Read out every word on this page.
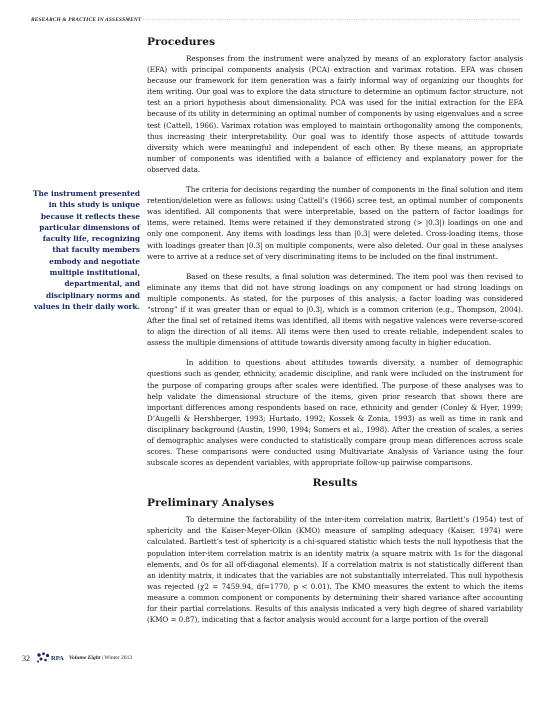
RESEARCH & PRACTICE IN ASSESSMENT ·······································································································································································
Procedures

Responses from the instrument were analyzed by means of an exploratory factor analysis (EFA) with principal components analysis (PCA) extraction and varimax rotation. EFA was chosen because our framework for item generation was a fairly informal way of organizing our thoughts for item writing. Our goal was to explore the data structure to determine an optimum factor structure, not test an a priori hypothesis about dimensionality. PCA was used for the initial extraction for the EFA because of its utility in determining an optimal number of components by using eigenvalues and a scree test (Cattell, 1966). Varimax rotation was employed to maintain orthogonality among the components, thus increasing their interpretability. Our goal was to identify those aspects of attitude towards diversity which were meaningful and independent of each other. By these means, an appropriate number of components was identified with a balance of efficiency and explanatory power for the observed data.

The criteria for decisions regarding the number of components in the final solution and item retention/deletion were as follows: using Cattell’s (1966) scree test, an optimal number of components was identified. All components that were interpretable, based on the pattern of factor loadings for items, were retained. Items were retained if they demonstrated strong (> |0.3|) loadings on one and only one component. Any items with loadings less than |0.3| were deleted. Cross-loading items, those with loadings greater than |0.3| on multiple components, were also deleted. Our goal in these analyses were to arrive at a reduce set of very discriminating items to be included on the final instrument.

Based on these results, a final solution was determined. The item pool was then revised to eliminate any items that did not have strong loadings on any component or had strong loadings on multiple components. As stated, for the purposes of this analysis, a factor loading was considered “strong” if it was greater than or equal to |0.3|, which is a common criterion (e.g., Thompson, 2004). After the final set of retained items was identified, all items with negative valences were reverse-scored to align the direction of all items. All items were then used to create reliable, independent scales to assess the multiple dimensions of attitude towards diversity among faculty in higher education.

In addition to questions about attitudes towards diversity, a number of demographic questions such as gender, ethnicity, academic discipline, and rank were included on the instrument for the purpose of comparing groups after scales were identified. The purpose of these analyses was to help validate the dimensional structure of the items, given prior research that shows there are important differences among respondents based on race, ethnicity and gender (Conley & Hyer, 1999; D’Augelli & Hershberger, 1993; Hurtado, 1992; Kossek & Zonia, 1993) as well as time in rank and disciplinary background (Austin, 1990, 1994; Somers et al., 1998). After the creation of scales, a series of demographic analyses were conducted to statistically compare group mean differences across scale scores. These comparisons were conducted using Multivariate Analysis of Variance using the four subscale scores as dependent variables, with appropriate follow-up pairwise comparisons.

Results
Preliminary Analyses

To determine the factorability of the inter-item correlation matrix, Bartlett’s (1954) test of sphericity and the Kaiser-Meyer-Olkin (KMO) measure of sampling adequacy (Kaiser, 1974) were calculated. Bartlett’s test of sphericity is a chi-squared statistic which tests the null hypothesis that the population inter-item correlation matrix is an identity matrix (a square matrix with 1s for the diagonal elements, and 0s for all off-diagonal elements). If a correlation matrix is not statistically different than an identity matrix, it indicates that the variables are not substantially interrelated. This null hypothesis was rejected (χ2 = 7459.94, df=1770, p < 0.01). The KMO measures the extent to which the items measure a common component or components by determining their shared variance after accounting for their partial correlations. Results of this analysis indicated a very high degree of shared variability (KMO = 0.87), indicating that a factor analysis would account for a large portion of the overall

The instrument presented in this study is unique because it reflects these particular dimensions of faculty life, recognizing that faculty members embody and negotiate multiple institutional, departmental, and disciplinary norms and values in their daily work.
32	RPA Volume Eight | Winter 2013
